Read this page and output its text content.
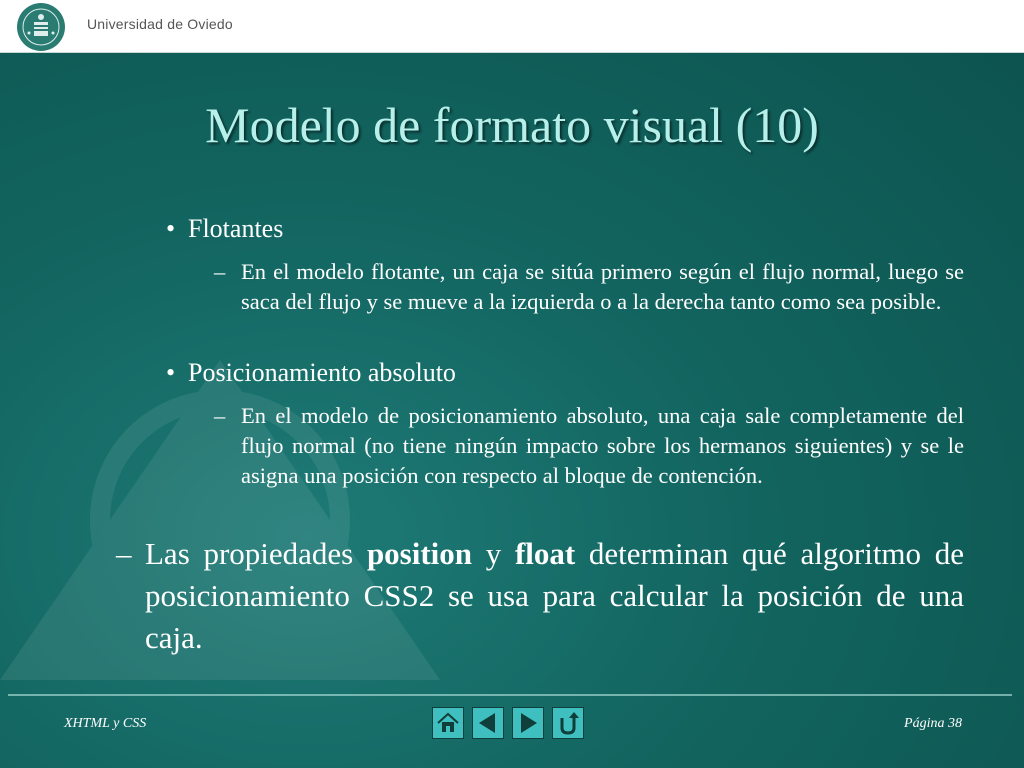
Universidad de Oviedo
Modelo de formato visual (10)
• Flotantes
– En el modelo flotante, un caja se sitúa primero según el flujo normal, luego se saca del flujo y se mueve a la izquierda o a la derecha tanto como sea posible.
• Posicionamiento absoluto
– En el modelo de posicionamiento absoluto, una caja sale completamente del flujo normal (no tiene ningún impacto sobre los hermanos siguientes) y se le asigna una posición con respecto al bloque de contención.
– Las propiedades position y float determinan qué algoritmo de posicionamiento CSS2 se usa para calcular la posición de una caja.
XHTML y CSS	Página 38
